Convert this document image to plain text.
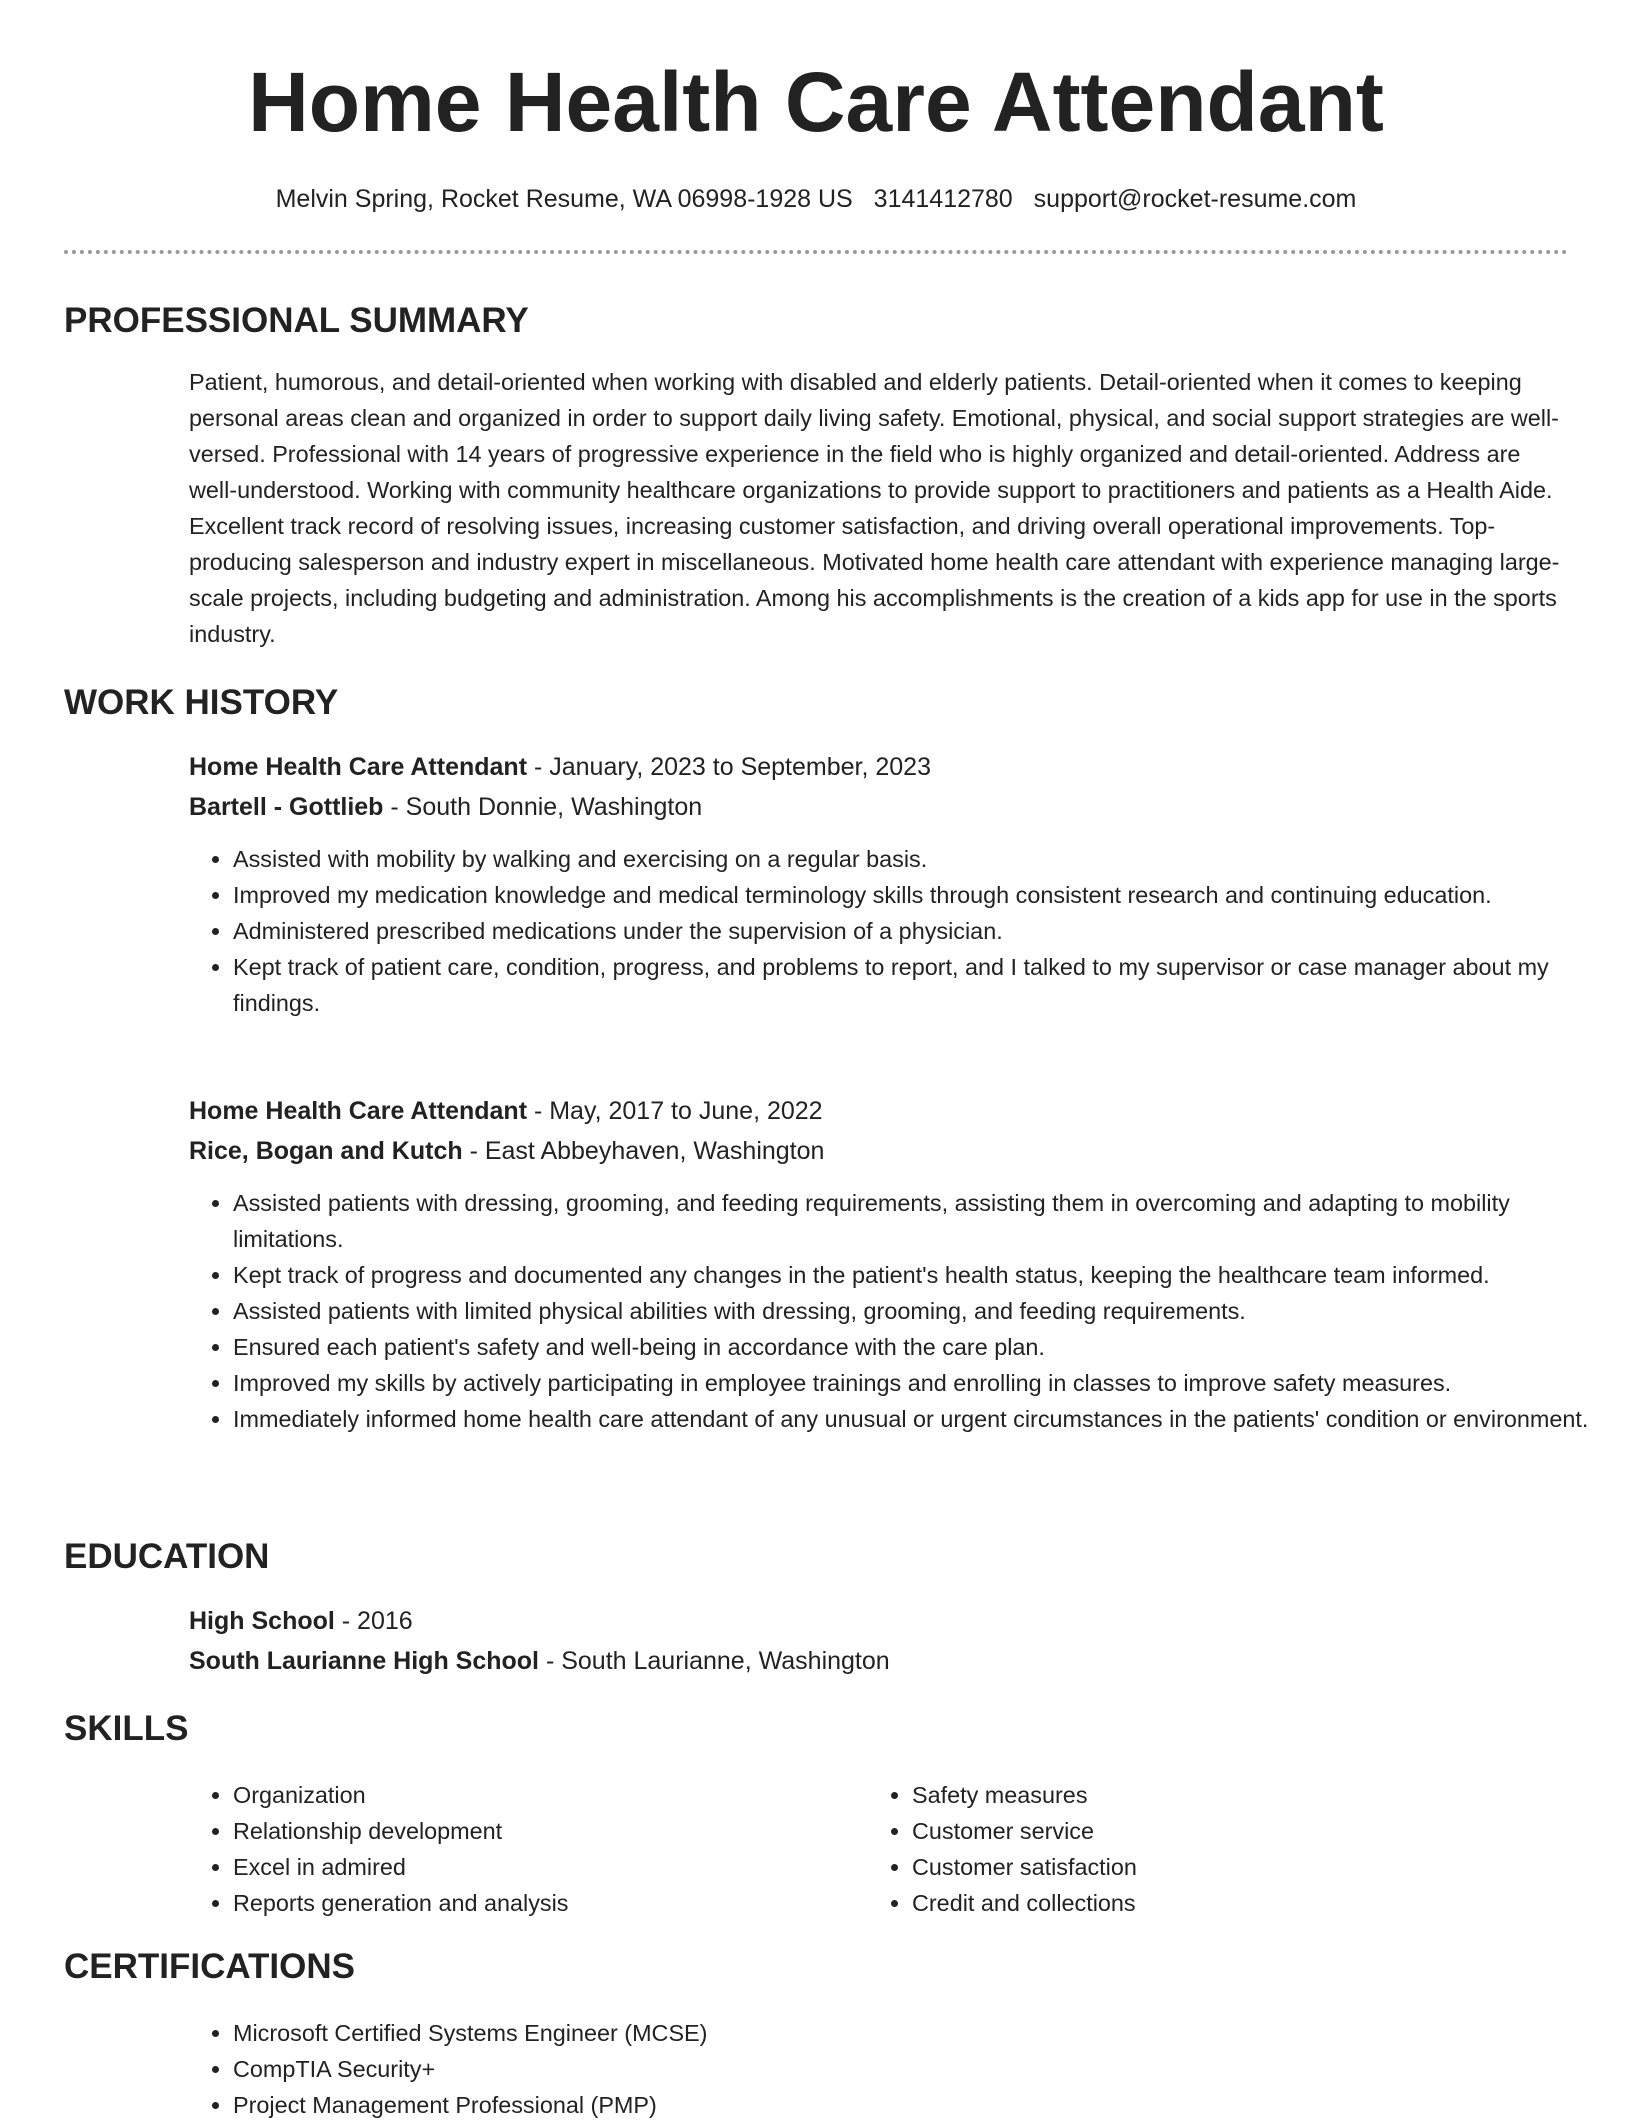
Home Health Care Attendant
Melvin Spring, Rocket Resume, WA 06998-1928 US 3141412780 support@rocket-resume.com
PROFESSIONAL SUMMARY

Patient, humorous, and detail-oriented when working with disabled and elderly patients. Detail-oriented when it comes to keeping personal areas clean and organized in order to support daily living safety. Emotional, physical, and social support strategies are well-versed. Professional with 14 years of progressive experience in the field who is highly organized and detail-oriented. Address are well-understood. Working with community healthcare organizations to provide support to practitioners and patients as a Health Aide. Excellent track record of resolving issues, increasing customer satisfaction, and driving overall operational improvements. Top-producing salesperson and industry expert in miscellaneous. Motivated home health care attendant with experience managing large-scale projects, including budgeting and administration. Among his accomplishments is the creation of a kids app for use in the sports industry.

WORK HISTORY
Home Health Care Attendant - January, 2023 to September, 2023
Bartell - Gottlieb - South Donnie, Washington
• Assisted with mobility by walking and exercising on a regular basis.
• Improved my medication knowledge and medical terminology skills through consistent research and continuing education.
• Administered prescribed medications under the supervision of a physician.
• Kept track of patient care, condition, progress, and problems to report, and I talked to my supervisor or case manager about my findings.
Home Health Care Attendant - May, 2017 to June, 2022
Rice, Bogan and Kutch - East Abbeyhaven, Washington
• Assisted patients with dressing, grooming, and feeding requirements, assisting them in overcoming and adapting to mobility limitations.
• Kept track of progress and documented any changes in the patient's health status, keeping the healthcare team informed.
• Assisted patients with limited physical abilities with dressing, grooming, and feeding requirements.
• Ensured each patient's safety and well-being in accordance with the care plan.
• Improved my skills by actively participating in employee trainings and enrolling in classes to improve safety measures.
• Immediately informed home health care attendant of any unusual or urgent circumstances in the patients' condition or environment.
EDUCATION
High School - 2016
South Laurianne High School - South Laurianne, Washington
SKILLS
• Organization
• Relationship development
• Excel in admired
• Reports generation and analysis
• Safety measures
• Customer service
• Customer satisfaction
• Credit and collections
CERTIFICATIONS
• Microsoft Certified Systems Engineer (MCSE)
• CompTIA Security+
• Project Management Professional (PMP)
